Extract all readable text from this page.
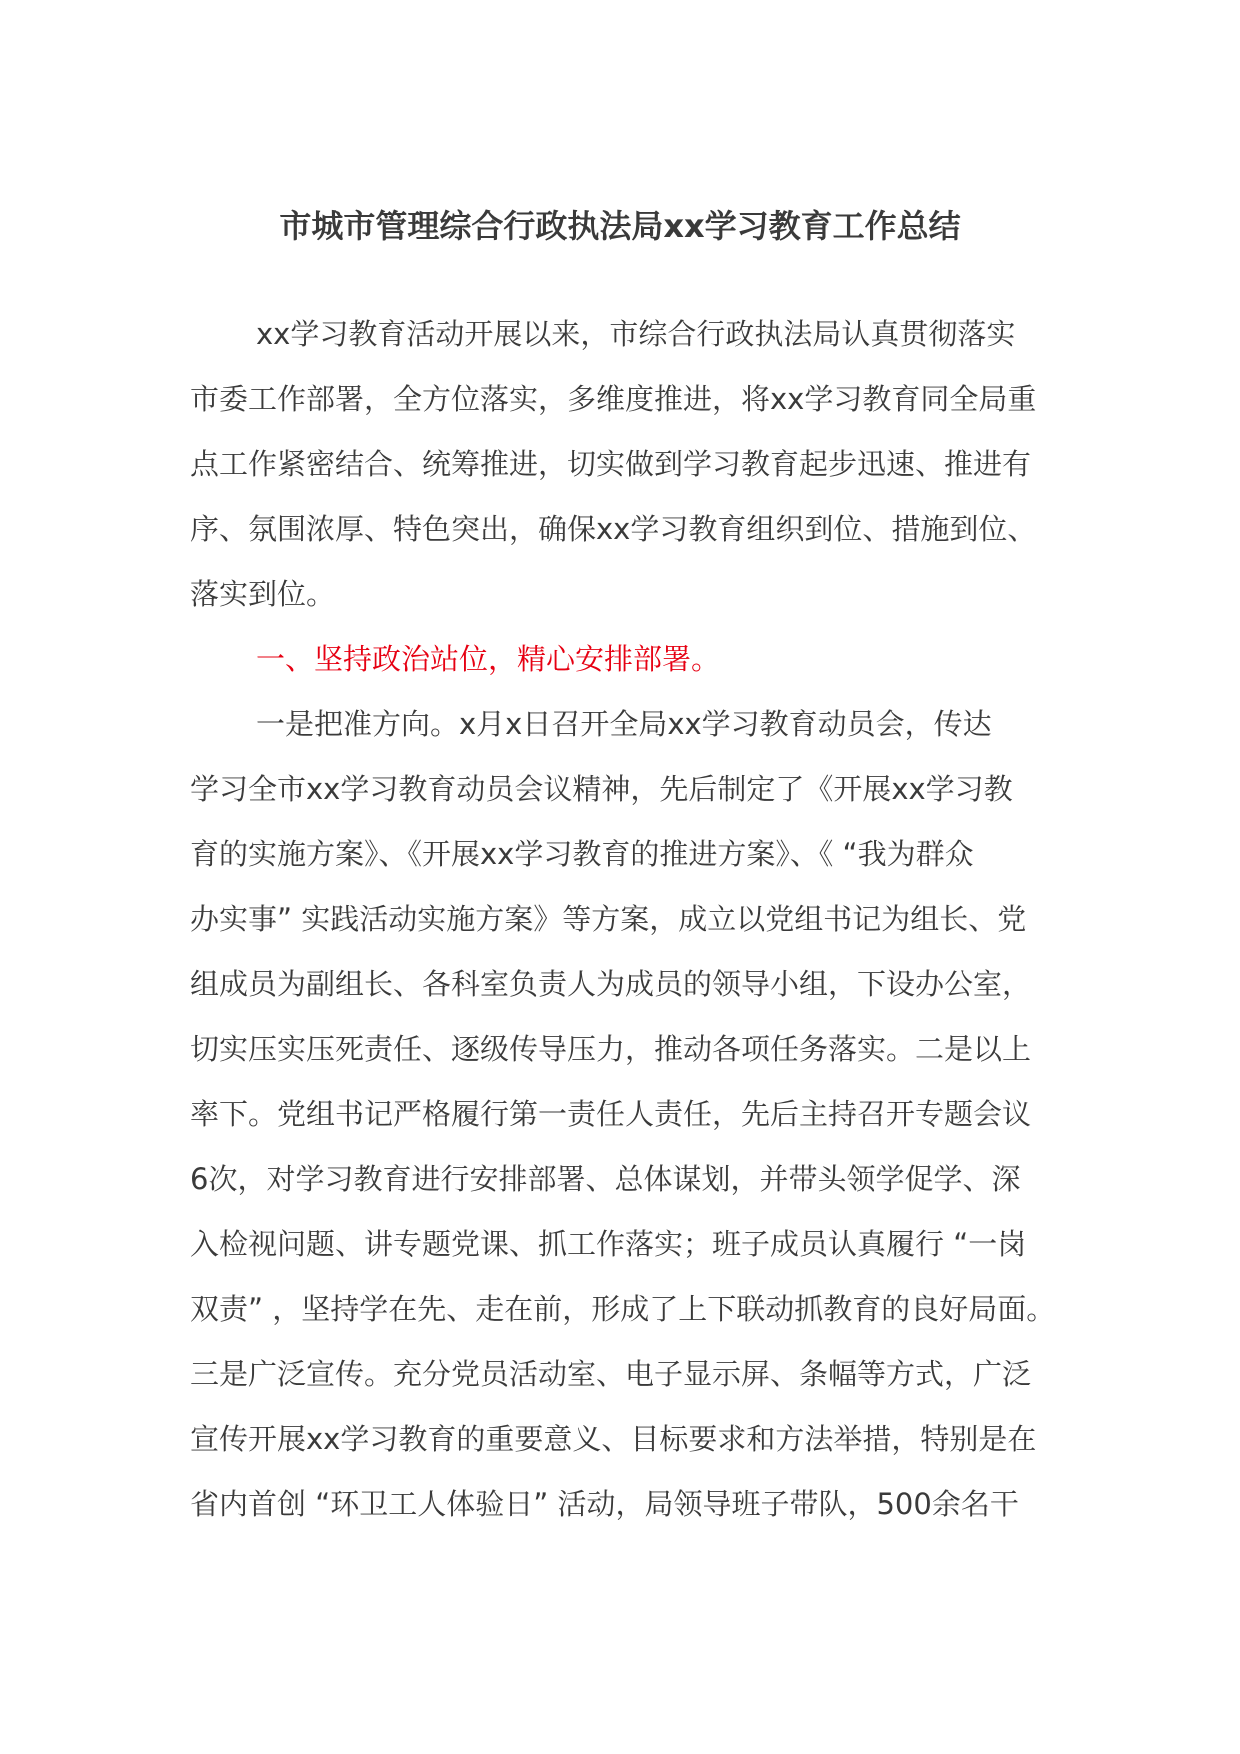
市城市管理综合行政执法局xx学习教育工作总结
xx学习教育活动开展以来，市综合行政执法局认真贯彻落实
市委工作部署，全方位落实，多维度推进，将xx学习教育同全局重
点工作紧密结合、统筹推进，切实做到学习教育起步迅速、推进有
序、氛围浓厚、特色突出，确保xx学习教育组织到位、措施到位、
落实到位。
一、坚持政治站位，精心安排部署。
一是把准方向。x月x日召开全局xx学习教育动员会，传达
学习全市xx学习教育动员会议精神，先后制定了《开展xx学习教
育的实施方案》、《开展xx学习教育的推进方案》、《 “我为群众
办实事” 实践活动实施方案》等方案，成立以党组书记为组长、党
组成员为副组长、各科室负责人为成员的领导小组，下设办公室，
切实压实压死责任、逐级传导压力，推动各项任务落实。二是以上
率下。党组书记严格履行第一责任人责任，先后主持召开专题会议
6次，对学习教育进行安排部署、总体谋划，并带头领学促学、深
入检视问题、讲专题党课、抓工作落实；班子成员认真履行 “一岗
双责” ，坚持学在先、走在前，形成了上下联动抓教育的良好局面。
三是广泛宣传。充分党员活动室、电子显示屏、条幅等方式，广泛
宣传开展xx学习教育的重要意义、目标要求和方法举措，特别是在
省内首创 “环卫工人体验日” 活动，局领导班子带队，500余名干
